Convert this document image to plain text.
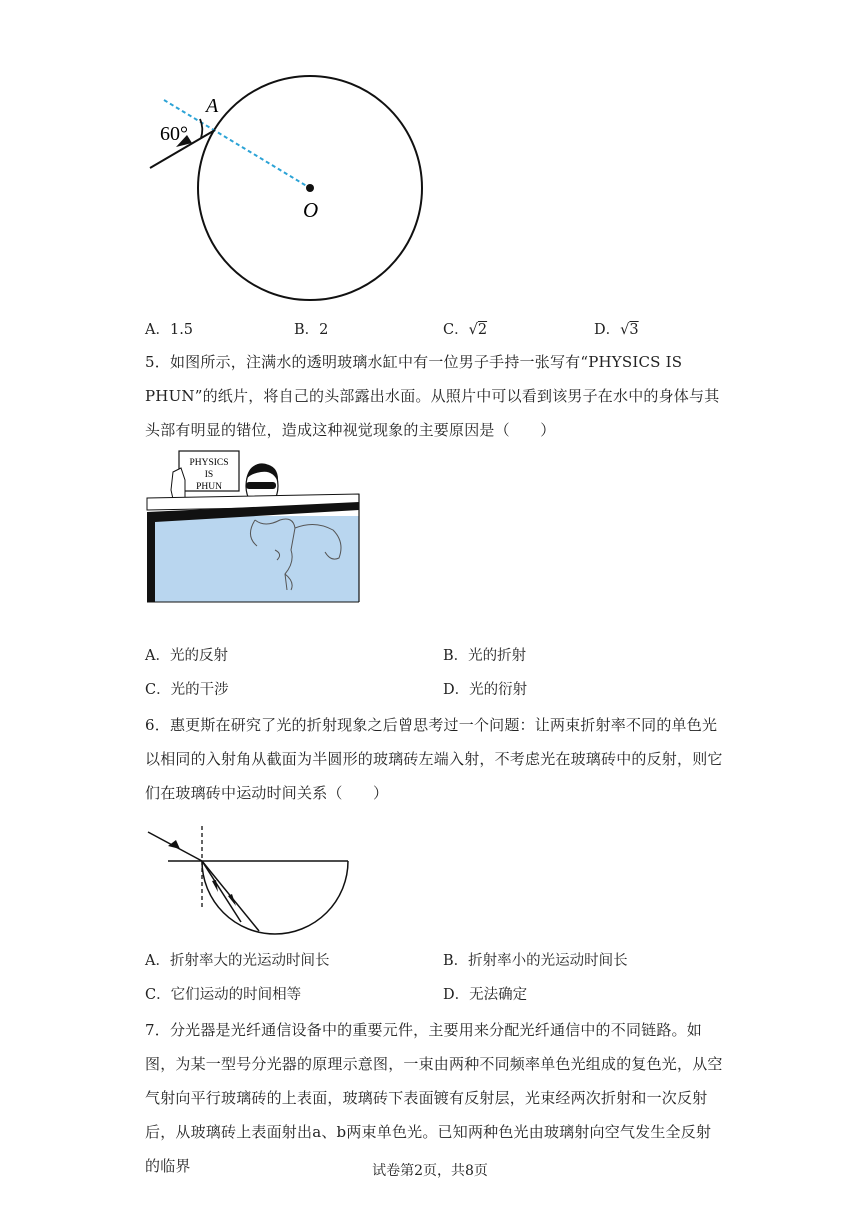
60°
A
O
A．1.5	B．2	C．√2	D．√3
5．如图所示，注满水的透明玻璃水缸中有一位男子手持一张写有“PHYSICS IS PHUN”的纸片，将自己的头部露出水面。从照片中可以看到该男子在水中的身体与其头部有明显的错位，造成这种视觉现象的主要原因是（　　）
PHYSICS
IS
PHUN
A．光的反射	B．光的折射
C．光的干涉	D．光的衍射
6．惠更斯在研究了光的折射现象之后曾思考过一个问题：让两束折射率不同的单色光以相同的入射角从截面为半圆形的玻璃砖左端入射，不考虑光在玻璃砖中的反射，则它们在玻璃砖中运动时间关系（　　）
A．折射率大的光运动时间长	B．折射率小的光运动时间长
C．它们运动的时间相等	D．无法确定
7．分光器是光纤通信设备中的重要元件，主要用来分配光纤通信中的不同链路。如图，为某一型号分光器的原理示意图，一束由两种不同频率单色光组成的复色光，从空气射向平行玻璃砖的上表面，玻璃砖下表面镀有反射层，光束经两次折射和一次反射后，从玻璃砖上表面射出a、b两束单色光。已知两种色光由玻璃射向空气发生全反射的临界	试卷第2页，共8页
